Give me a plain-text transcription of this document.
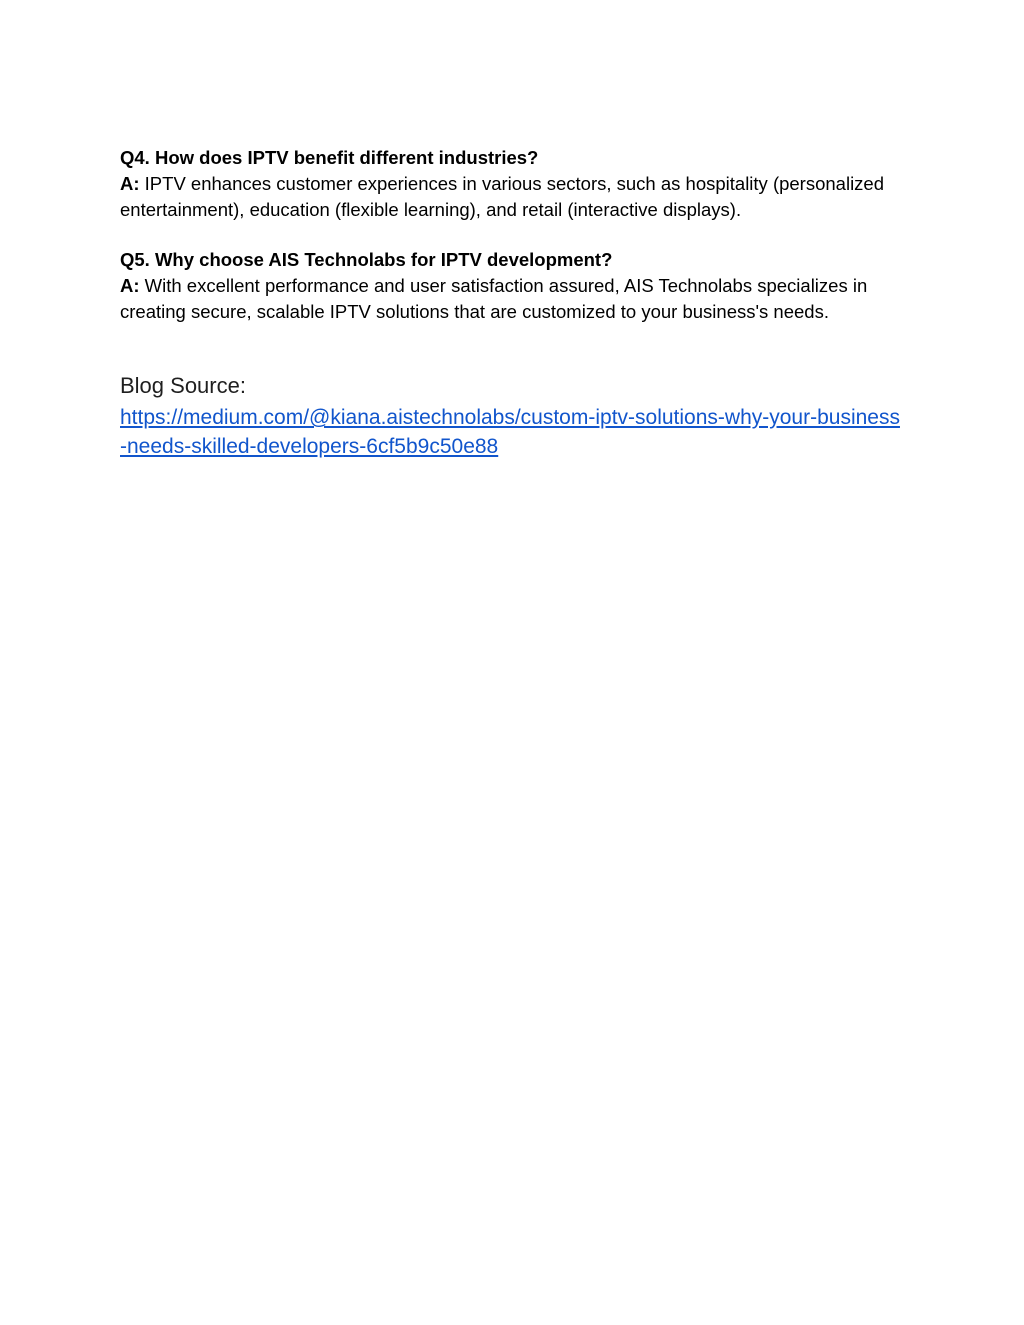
Q4. How does IPTV benefit different industries?

A: IPTV enhances customer experiences in various sectors, such as hospitality (personalized entertainment), education (flexible learning), and retail (interactive displays).

Q5. Why choose AIS Technolabs for IPTV development?

A: With excellent performance and user satisfaction assured, AIS Technolabs specializes in creating secure, scalable IPTV solutions that are customized to your business's needs.

Blog Source:
https://medium.com/@kiana.aistechnolabs/custom-iptv-solutions-why-your-business-needs-skilled-developers-6cf5b9c50e88
